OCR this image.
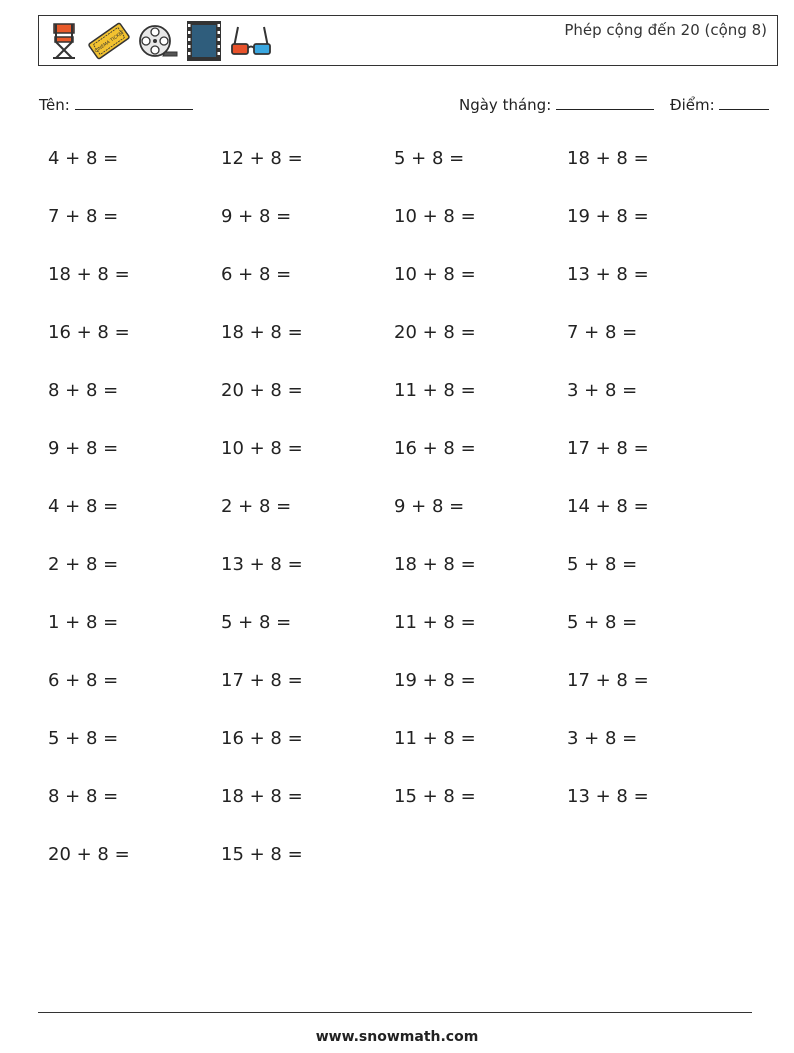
CINEMA TICKET
Phép cộng đến 20 (cộng 8)
Tên:	Ngày tháng:	Điểm:
4 + 8 =	12 + 8 =	5 + 8 =	18 + 8 =
7 + 8 =	9 + 8 =	10 + 8 =	19 + 8 =
18 + 8 =	6 + 8 =	10 + 8 =	13 + 8 =
16 + 8 =	18 + 8 =	20 + 8 =	7 + 8 =
8 + 8 =	20 + 8 =	11 + 8 =	3 + 8 =
9 + 8 =	10 + 8 =	16 + 8 =	17 + 8 =
4 + 8 =	2 + 8 =	9 + 8 =	14 + 8 =
2 + 8 =	13 + 8 =	18 + 8 =	5 + 8 =
1 + 8 =	5 + 8 =	11 + 8 =	5 + 8 =
6 + 8 =	17 + 8 =	19 + 8 =	17 + 8 =
5 + 8 =	16 + 8 =	11 + 8 =	3 + 8 =
8 + 8 =	18 + 8 =	15 + 8 =	13 + 8 =
20 + 8 =	15 + 8 =
www.snowmath.com
